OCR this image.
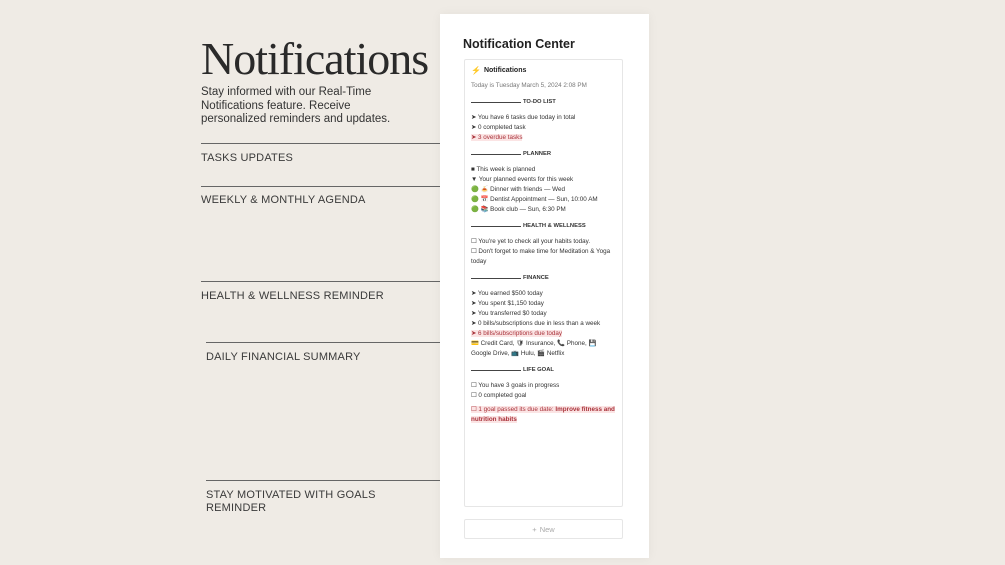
Notifications
Stay informed with our Real-Time Notifications feature. Receive personalized reminders and updates.
TASKS UPDATES
WEEKLY & MONTHLY AGENDA
HEALTH & WELLNESS REMINDER
DAILY FINANCIAL SUMMARY
STAY MOTIVATED WITH GOALS REMINDER
Notification Center
⚡ Notifications
Today is Tuesday March 5, 2024 2:08 PM
TO-DO LIST
➤ You have 6 tasks due today in total
➤ 0 completed task
➤ 3 overdue tasks
PLANNER
■ This week is planned
▼ Your planned events for this week
🟢 🍝 Dinner with friends — Wed
🟢 📅 Dentist Appointment — Sun, 10:00 AM
🟢 📚 Book club — Sun, 6:30 PM
HEALTH & WELLNESS
☐ You're yet to check all your habits today.
☐ Don't forget to make time for Meditation & Yoga today
FINANCE
➤ You earned $500 today
➤ You spent $1,150 today
➤ You transferred $0 today
➤ 0 bills/subscriptions due in less than a week
➤ 6 bills/subscriptions due today
💳 Credit Card, 🛡 Insurance, 📞 Phone, 💾 Google Drive, 📺 Hulu, 🎬 Netflix
LIFE GOAL
☐ You have 3 goals in progress
☐ 0 completed goal
☐ 1 goal passed its due date: Improve fitness and nutrition habits
+ New
